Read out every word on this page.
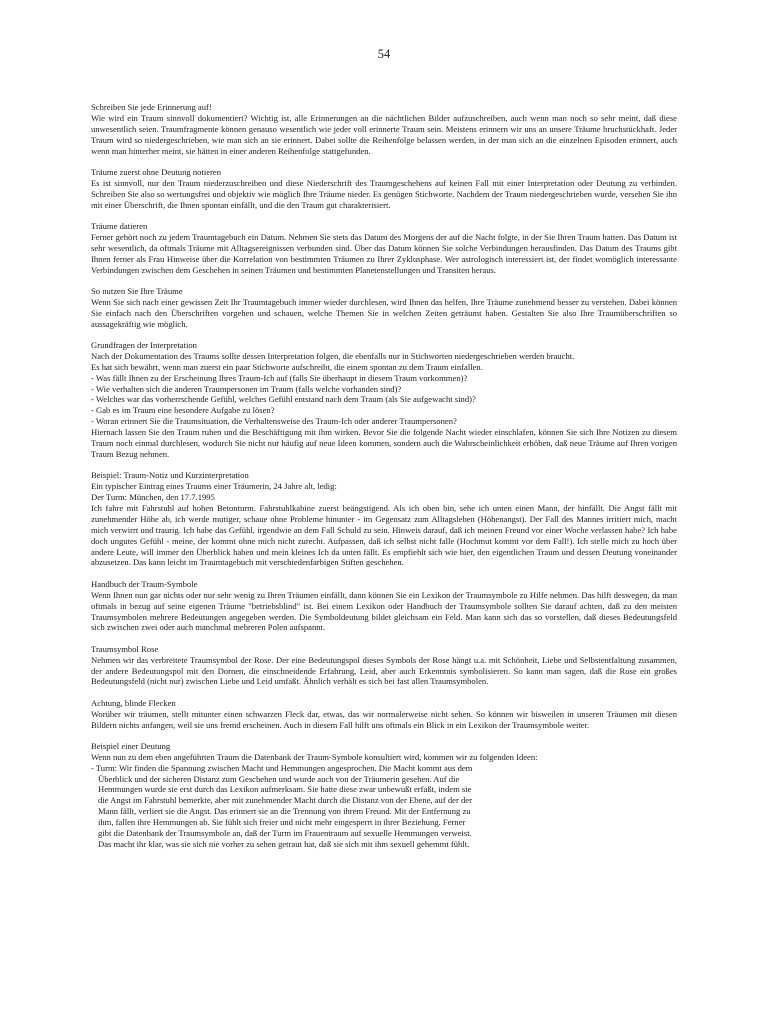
54
Schreiben Sie jede Erinnerung auf!
Wie wird ein Traum sinnvoll dokumentiert? Wichtig ist, alle Erinnerungen an die nächtlichen Bilder aufzuschreiben, auch wenn man noch so sehr meint, daß diese unwesentlich seien. Traumfragmente können genauso wesentlich wie jeder voll erinnerte Traum sein. Meistens erinnern wir uns an unsere Träume bruchstückhaft. Jeder Traum wird so niedergeschrieben, wie man sich an sie erinnert. Dabei sollte die Reihenfolge belassen werden, in der man sich an die einzelnen Episoden erinnert, auch wenn man hinterher meint, sie hätten in einer anderen Reihenfolge stattgefunden.
Träume zuerst ohne Deutung notieren
Es ist sinnvoll, nur den Traum niederzuschreiben und diese Niederschrift des Traumgeschehens auf keinen Fall mit einer Interpretation oder Deutung zu verbinden. Schreiben Sie also so wertungsfrei und objektiv wie möglich Ihre Träume nieder. Es genügen Stichworte. Nachdem der Traum niedergeschrieben wurde, versehen Sie ihn mit einer Überschrift, die Ihnen spontan einfällt, und die den Traum gut charakterisiert.
Träume datieren
Ferner gehört noch zu jedem Traumtagebuch ein Datum. Nehmen Sie stets das Datum des Morgens der auf die Nacht folgte, in der Sie Ihren Traum hatten. Das Datum ist sehr wesentlich, da oftmals Träume mit Alltagsereignissen verbunden sind. Über das Datum können Sie solche Verbindungen herausfinden. Das Datum des Traums gibt Ihnen ferner als Frau Hinweise über die Korrelation von bestimmten Träumen zu Ihrer Zyklusphase. Wer astrologisch interessiert ist, der findet womöglich interessante Verbindungen zwischen dem Geschehen in seinen Träumen und bestimmten Planetenstellungen und Transiten heraus.
So nutzen Sie Ihre Träume
Wenn Sie sich nach einer gewissen Zeit Ihr Traumtagebuch immer wieder durchlesen, wird Ihnen das helfen, Ihre Träume zunehmend besser zu verstehen. Dabei können Sie einfach nach den Überschriften vorgehen und schauen, welche Themen Sie in welchen Zeiten geträumt haben. Gestalten Sie also Ihre Traumüberschriften so aussagekräftig wie möglich.
Grundfragen der Interpretation
Nach der Dokumentation des Traums sollte dessen Interpretation folgen, die ebenfalls nur in Stichworten niedergeschrieben werden braucht.
Es hat sich bewährt, wenn man zuerst ein paar Stichworte aufschreibt, die einem spontan zu dem Traum einfallen.
- Was fällt Ihnen zu der Erscheinung Ihres Traum-Ich auf (falls Sie überhaupt in diesem Traum vorkommen)?
- Wie verhalten sich die anderen Traumpersonen im Traum (falls welche vorhanden sind)?
- Welches war das vorherrschende Gefühl, welches Gefühl entstand nach dem Traum (als Sie aufgewacht sind)?
- Gab es im Traum eine besondere Aufgabe zu lösen?
- Woran erinnert Sie die Traumsituation, die Verhaltensweise des Traum-Ich oder anderer Traumpersonen?
Hiernach lassen Sie den Traum ruhen und die Beschäftigung mit ihm wirken. Bevor Sie die folgende Nacht wieder einschlafen, können Sie sich Ihre Notizen zu diesem Traum noch einmal durchlesen, wodurch Sie nicht nur häufig auf neue Ideen kommen, sondern auch die Wahrscheinlichkeit erhöhen, daß neue Träume auf Ihren vorigen Traum Bezug nehmen.
Beispiel: Traum-Notiz und Kurzinterpretation
Ein typischer Eintrag eines Traums einer Träumerin, 24 Jahre alt, ledig:
Der Turm: München, den 17.7.1995
Ich fahre mit Fahrstuhl auf hohen Betonturm. Fahrstuhlkabine zuerst beängstigend. Als ich oben bin, sehe ich unten einen Mann, der hinfällt. Die Angst fällt mit zunehmender Höhe ab, ich werde mutiger, schaue ohne Probleme hinunter - im Gegensatz zum Alltagsleben (Höhenangst). Der Fall des Mannes irritiert mich, macht mich verwirrt und traurig. Ich habe das Gefühl, irgendwie an dem Fall Schuld zu sein. Hinweis darauf, daß ich meinen Freund vor einer Woche verlassen habe? Ich habe doch ungutes Gefühl - meine, der kommt ohne mich nicht zurecht. Aufpassen, daß ich selbst nicht falle (Hochmut kommt vor dem Fall!). Ich stelle mich zu hoch über andere Leute, will immer den Überblick haben und mein kleines Ich da unten fällt. Es empfiehlt sich wie hier, den eigentlichen Traum und dessen Deutung voneinander abzusetzen. Das kann leicht im Traumtagebuch mit verschiedenfarbigen Stiften geschehen.
Handbuch der Traum-Symbole
Wenn Ihnen nun gar nichts oder nur sehr wenig zu Ihren Träumen einfällt, dann können Sie ein Lexikon der Traumsymbole zu Hilfe nehmen. Das hilft deswegen, da man oftmals in bezug auf seine eigenen Träume "betriebsblind" ist. Bei einem Lexikon oder Handbuch der Traumsymbole sollten Sie darauf achten, daß zu den meisten Traumsymbolen mehrere Bedeutungen angegeben werden. Die Symboldeutung bildet gleichsam ein Feld. Man kann sich das so vorstellen, daß dieses Bedeutungsfeld sich zwischen zwei oder auch manchmal mehreren Polen aufspannt.
Traumsymbol Rose
Nehmen wir das verbreitete Traumsymbol der Rose. Der eine Bedeutungspol dieses Symbols der Rose hängt u.a. mit Schönheit, Liebe und Selbstentfaltung zusammen, der andere Bedeutungspol mit den Dornen, die einschneidende Erfahrung, Leid, aber auch Erkenntnis symbolisieren. So kann man sagen, daß die Rose ein großes Bedeutungsfeld (nicht nur) zwischen Liebe und Leid umfaßt. Ähnlich verhält es sich bei fast allen Traumsymbolen.
Achtung, blinde Flecken
Worüber wir träumen, stellt mitunter einen schwarzen Fleck dar, etwas, das wir normalerweise nicht sehen. So können wir bisweilen in unseren Träumen mit diesen Bildern nichts anfangen, weil sie uns fremd erscheinen. Auch in diesem Fall hilft uns oftmals ein Blick in ein Lexikon der Traumsymbole weiter.
Beispiel einer Deutung
Wenn nun zu dem eben angeführten Traum die Datenbank der Traum-Symbole konsultiert wird, kommen wir zu folgenden Ideen:
- Turm: Wir finden die Spannung zwischen Macht und Hemmungen angesprochen. Die Macht kommt aus dem
Überblick und der sicheren Distanz zum Geschehen und wurde auch von der Träumerin gesehen. Auf die
Hemmungen wurde sie erst durch das Lexikon aufmerksam. Sie hatte diese zwar unbewußt erfaßt, indem sie
die Angst im Fahrstuhl bemerkte, aber mit zunehmender Macht durch die Distanz von der Ebene, auf der der
Mann fällt, verliert sie die Angst. Das erinnert sie an die Trennung von ihrem Freund. Mit der Entfernung zu
ihm, fallen ihre Hemmungen ab. Sie fühlt sich freier und nicht mehr eingesperrt in ihrer Beziehung. Ferner
gibt die Datenbank der Traumsymbole an, daß der Turm im Frauentraum auf sexuelle Hemmungen verweist.
Das macht ihr klar, was sie sich nie vorher zu sehen getraut hat, daß sie sich mit ihm sexuell gehemmt fühlt.
